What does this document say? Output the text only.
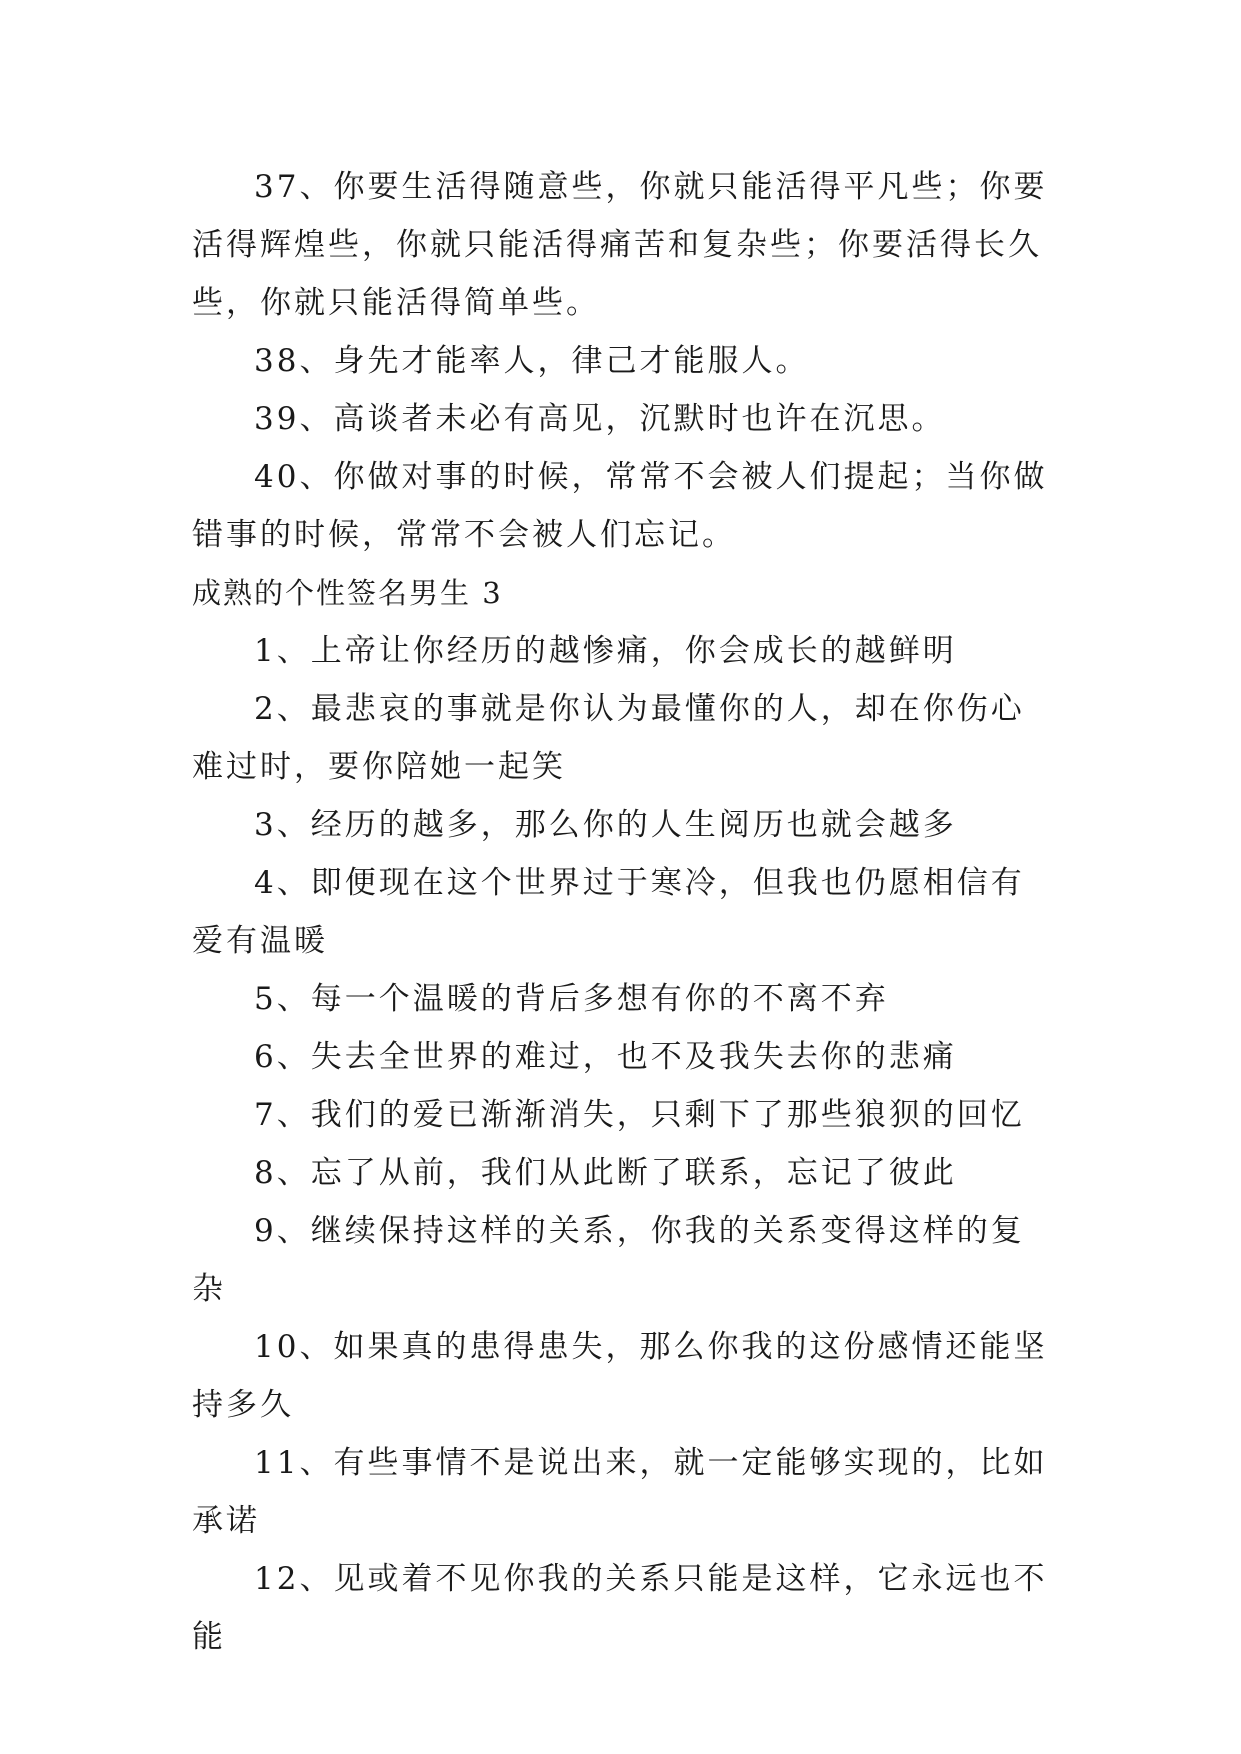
37、你要生活得随意些，你就只能活得平凡些；你要活得辉煌些，你就只能活得痛苦和复杂些；你要活得长久些，你就只能活得简单些。

38、身先才能率人，律己才能服人。

39、高谈者未必有高见，沉默时也许在沉思。

40、你做对事的时候，常常不会被人们提起；当你做错事的时候，常常不会被人们忘记。

成熟的个性签名男生 3

1、上帝让你经历的越惨痛，你会成长的越鲜明

2、最悲哀的事就是你认为最懂你的人，却在你伤心难过时，要你陪她一起笑

3、经历的越多，那么你的人生阅历也就会越多

4、即便现在这个世界过于寒冷，但我也仍愿相信有爱有温暖

5、每一个温暖的背后多想有你的不离不弃

6、失去全世界的难过，也不及我失去你的悲痛

7、我们的爱已渐渐消失，只剩下了那些狼狈的回忆

8、忘了从前，我们从此断了联系，忘记了彼此

9、继续保持这样的关系，你我的关系变得这样的复杂

10、如果真的患得患失，那么你我的这份感情还能坚持多久

11、有些事情不是说出来，就一定能够实现的，比如承诺

12、见或着不见你我的关系只能是这样，它永远也不能
